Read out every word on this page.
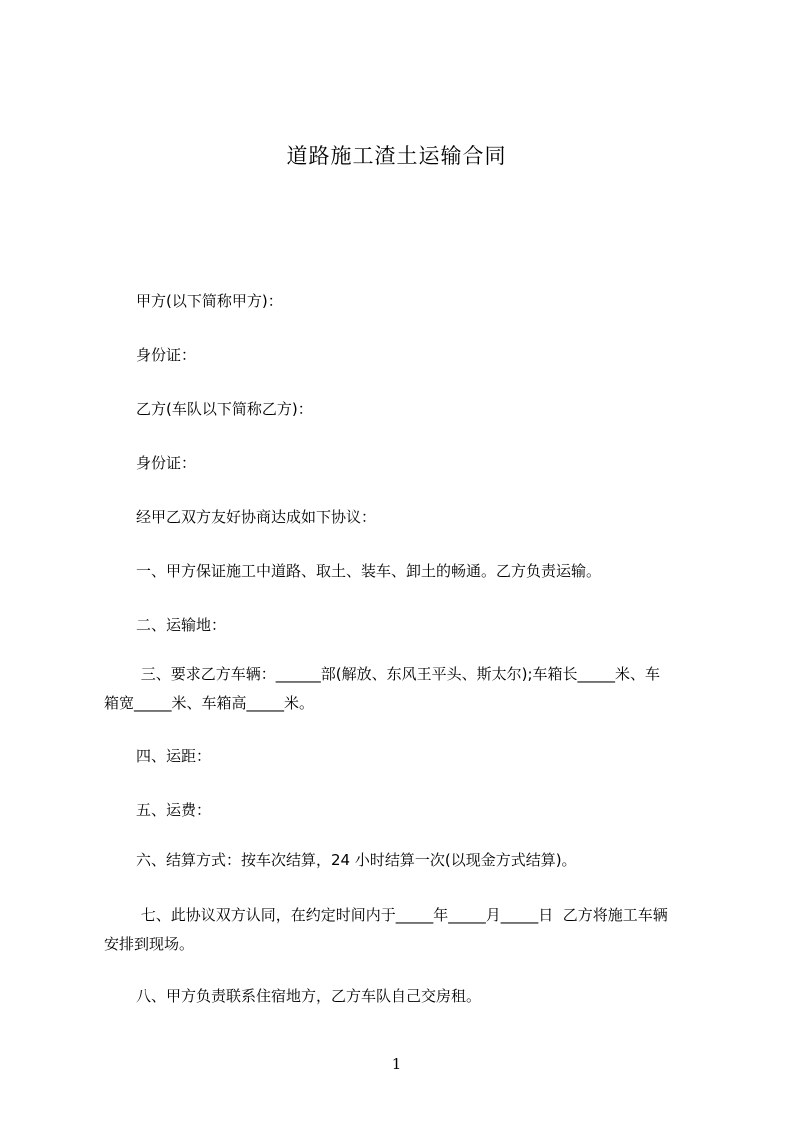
道路施工渣土运输合同
甲方(以下简称甲方)：
身份证：
乙方(车队以下简称乙方)：
身份证：
经甲乙双方友好协商达成如下协议：
一、甲方保证施工中道路、取土、装车、卸土的畅通。乙方负责运输。
二、运输地：
三、要求乙方车辆：______部(解放、东风王平头、斯太尔);车箱长_____米、车
箱宽_____米、车箱高_____米。
四、运距：
五、运费：
六、结算方式：按车次结算，24 小时结算一次(以现金方式结算)。
七、此协议双方认同，在约定时间内于_____年_____月_____日  乙方将施工车辆
安排到现场。
八、甲方负责联系住宿地方，乙方车队自己交房租。
1
